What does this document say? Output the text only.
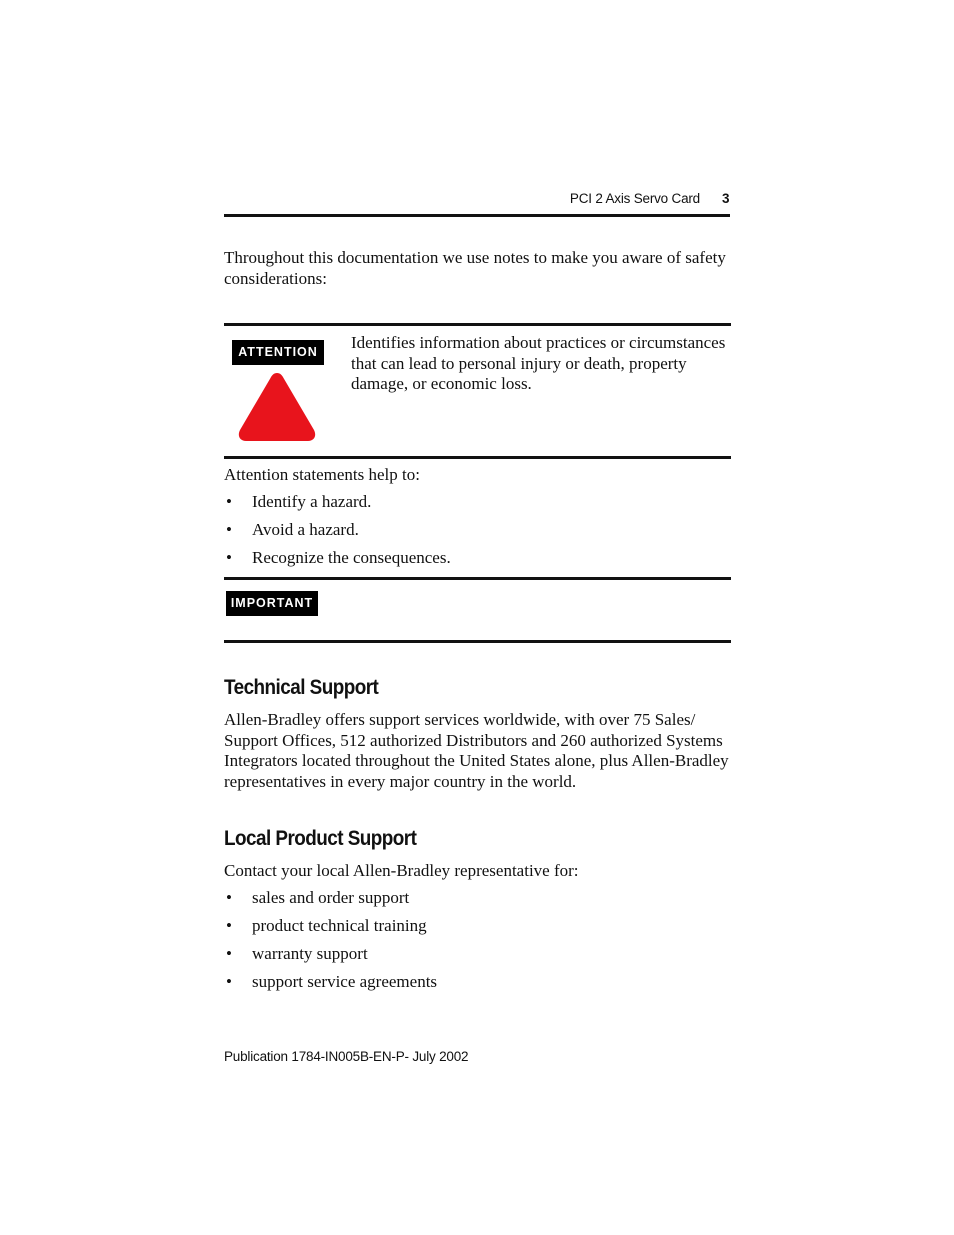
PCI 2 Axis Servo Card 3
Throughout this documentation we use notes to make you aware of safety considerations:
ATTENTION	Identifies information about practices or circumstances that can lead to personal injury or death, property damage, or economic loss.
Attention statements help to:
• Identify a hazard.
• Avoid a hazard.
• Recognize the consequences.
IMPORTANT
Technical Support
Allen-Bradley offers support services worldwide, with over 75 Sales/ Support Offices, 512 authorized Distributors and 260 authorized Systems Integrators located throughout the United States alone, plus Allen-Bradley representatives in every major country in the world.
Local Product Support
Contact your local Allen-Bradley representative for:
• sales and order support
• product technical training
• warranty support
• support service agreements
Publication 1784-IN005B-EN-P- July 2002
